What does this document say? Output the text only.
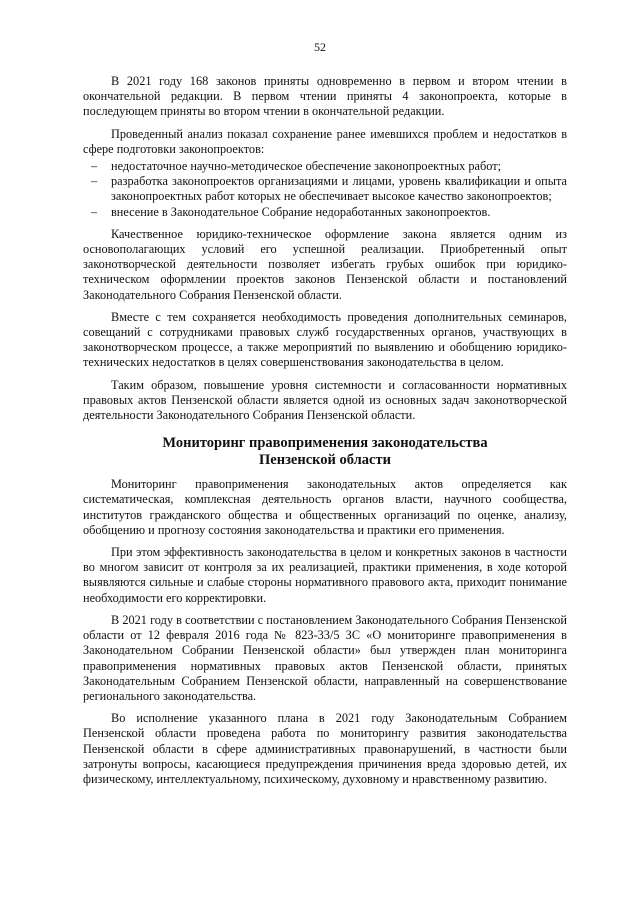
52

В 2021 году 168 законов приняты одновременно в первом и втором чтении в окончательной редакции. В первом чтении приняты 4 законопроекта, которые в последующем приняты во втором чтении в окончательной редакции.

Проведенный анализ показал сохранение ранее имевшихся проблем и недостатков в сфере подготовки законопроектов:

– недостаточное научно-методическое обеспечение законопроектных работ;
– разработка законопроектов организациями и лицами, уровень квалификации и опыта законопроектных работ которых не обеспечивает высокое качество законопроектов;
– внесение в Законодательное Собрание недоработанных законопроектов.

Качественное юридико-техническое оформление закона является одним из основополагающих условий его успешной реализации. Приобретенный опыт законотворческой деятельности позволяет избегать грубых ошибок при юридико-техническом оформлении проектов законов Пензенской области и постановлений Законодательного Собрания Пензенской области.

Вместе с тем сохраняется необходимость проведения дополнительных семинаров, совещаний с сотрудниками правовых служб государственных органов, участвующих в законотворческом процессе, а также мероприятий по выявлению и обобщению юридико-технических недостатков в целях совершенствования законодательства в целом.

Таким образом, повышение уровня системности и согласованности нормативных правовых актов Пензенской области является одной из основных задач законотворческой деятельности Законодательного Собрания Пензенской области.

Мониторинг правоприменения законодательства
Пензенской области

Мониторинг правоприменения законодательных актов определяется как систематическая, комплексная деятельность органов власти, научного сообщества, институтов гражданского общества и общественных организаций по оценке, анализу, обобщению и прогнозу состояния законодательства и практики его применения.

При этом эффективность законодательства в целом и конкретных законов в частности во многом зависит от контроля за их реализацией, практики применения, в ходе которой выявляются сильные и слабые стороны нормативного правового акта, приходит понимание необходимости его корректировки.

В 2021 году в соответствии с постановлением Законодательного Собрания Пензенской области от 12 февраля 2016 года № 823-33/5 ЗС «О мониторинге правоприменения в Законодательном Собрании Пензенской области» был утвержден план мониторинга правоприменения нормативных правовых актов Пензенской области, принятых Законодательным Собранием Пензенской области, направленный на совершенствование регионального законодательства.

Во исполнение указанного плана в 2021 году Законодательным Собранием Пензенской области проведена работа по мониторингу развития законодательства Пензенской области в сфере административных правонарушений, в частности были затронуты вопросы, касающиеся предупреждения причинения вреда здоровью детей, их физическому, интеллектуальному, психическому, духовному и нравственному развитию.
